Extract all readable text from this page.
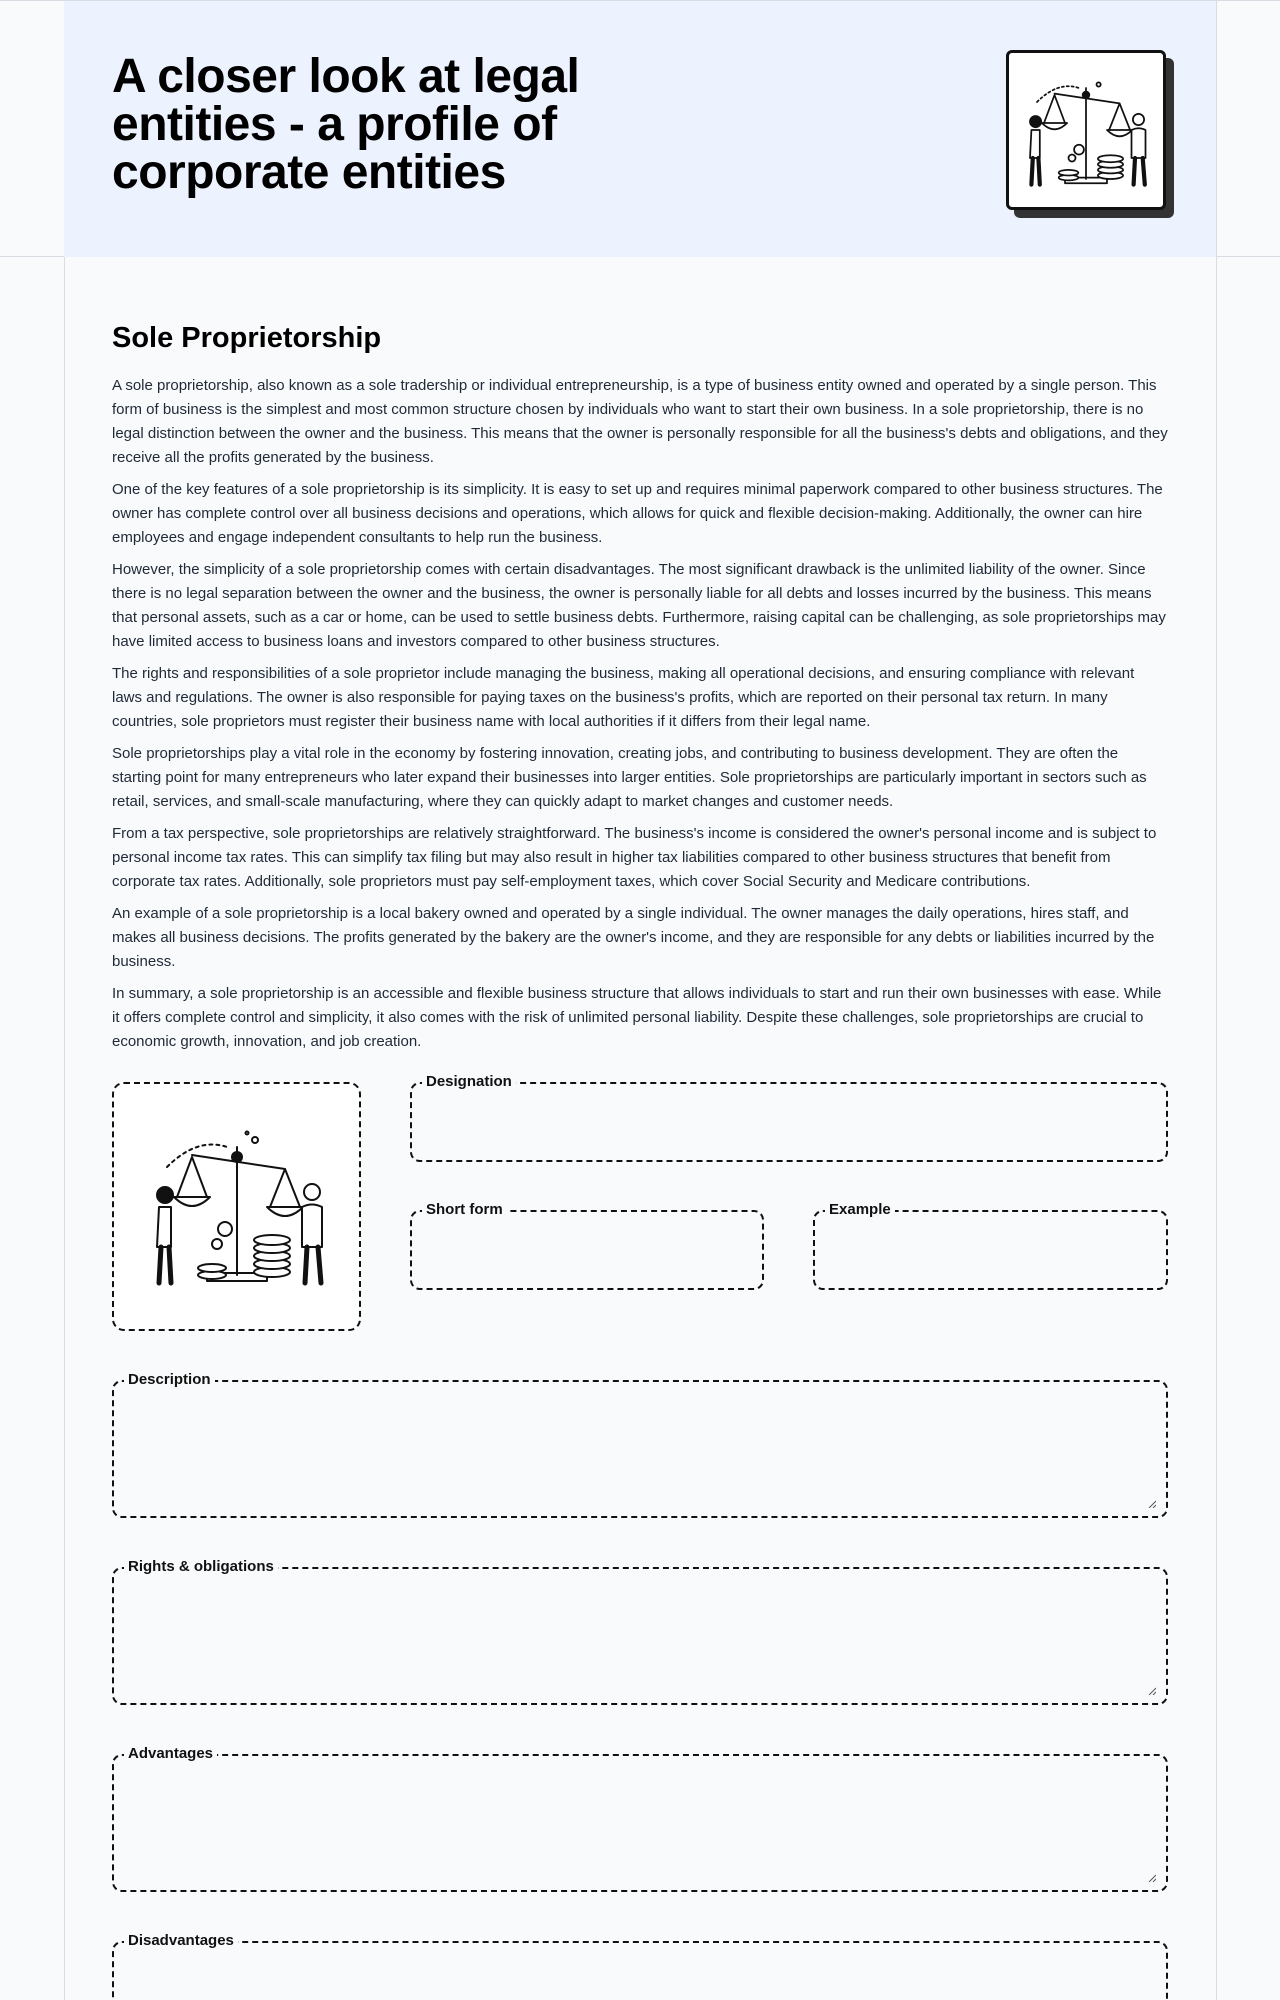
A closer look at legal entities - a profile of corporate entities
Sole Proprietorship

A sole proprietorship, also known as a sole tradership or individual entrepreneurship, is a type of business entity owned and operated by a single person. This form of business is the simplest and most common structure chosen by individuals who want to start their own business. In a sole proprietorship, there is no legal distinction between the owner and the business. This means that the owner is personally responsible for all the business's debts and obligations, and they receive all the profits generated by the business.

One of the key features of a sole proprietorship is its simplicity. It is easy to set up and requires minimal paperwork compared to other business structures. The owner has complete control over all business decisions and operations, which allows for quick and flexible decision-making. Additionally, the owner can hire employees and engage independent consultants to help run the business.

However, the simplicity of a sole proprietorship comes with certain disadvantages. The most significant drawback is the unlimited liability of the owner. Since there is no legal separation between the owner and the business, the owner is personally liable for all debts and losses incurred by the business. This means that personal assets, such as a car or home, can be used to settle business debts. Furthermore, raising capital can be challenging, as sole proprietorships may have limited access to business loans and investors compared to other business structures.

The rights and responsibilities of a sole proprietor include managing the business, making all operational decisions, and ensuring compliance with relevant laws and regulations. The owner is also responsible for paying taxes on the business's profits, which are reported on their personal tax return. In many countries, sole proprietors must register their business name with local authorities if it differs from their legal name.

Sole proprietorships play a vital role in the economy by fostering innovation, creating jobs, and contributing to business development. They are often the starting point for many entrepreneurs who later expand their businesses into larger entities. Sole proprietorships are particularly important in sectors such as retail, services, and small-scale manufacturing, where they can quickly adapt to market changes and customer needs.

From a tax perspective, sole proprietorships are relatively straightforward. The business's income is considered the owner's personal income and is subject to personal income tax rates. This can simplify tax filing but may also result in higher tax liabilities compared to other business structures that benefit from corporate tax rates. Additionally, sole proprietors must pay self-employment taxes, which cover Social Security and Medicare contributions.

An example of a sole proprietorship is a local bakery owned and operated by a single individual. The owner manages the daily operations, hires staff, and makes all business decisions. The profits generated by the bakery are the owner's income, and they are responsible for any debts or liabilities incurred by the business.

In summary, a sole proprietorship is an accessible and flexible business structure that allows individuals to start and run their own businesses with ease. While it offers complete control and simplicity, it also comes with the risk of unlimited personal liability. Despite these challenges, sole proprietorships are crucial to economic growth, innovation, and job creation.

Designation
Short form	Example
Description
Rights & obligations
Advantages
Disadvantages
